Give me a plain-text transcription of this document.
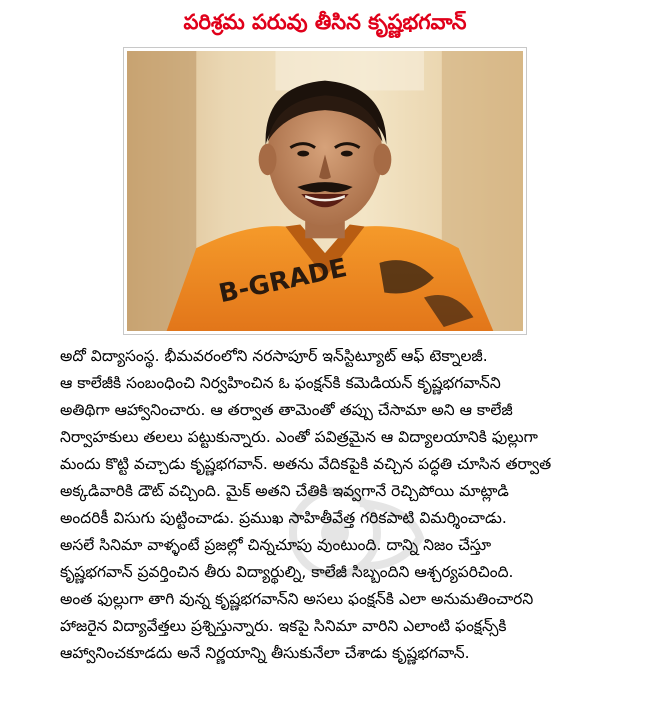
పరిశ్రమ పరువు తీసిన కృష్ణభగవాన్
B-GRADE
అదో విద్యాసంస్థ. భీమవరంలోని నరసాపూర్ ఇన్‌స్టిట్యూట్ ఆఫ్ టెక్నాలజీ.
ఆ కాలేజీకి సంబంధించి నిర్వహించిన ఓ ఫంక్షన్‌కి కమెడియన్ కృష్ణభగవాన్‌ని
అతిథిగా ఆహ్వానించారు. ఆ తర్వాత తామెంతో తప్పు చేసామా అని ఆ కాలేజీ
నిర్వాహకులు తలలు పట్టుకున్నారు. ఎంతో పవిత్రమైన ఆ విద్యాలయానికి ఫుల్లుగా
మందు కొట్టి వచ్చాడు కృష్ణభగవాన్. అతను వేదికపైకి వచ్చిన పద్ధతి చూసిన తర్వాత
అక్కడివారికి డౌట్ వచ్చింది. మైక్ అతని చేతికి ఇవ్వగానే రెచ్చిపోయి మాట్లాడి
అందరికీ విసుగు పుట్టించాడు. ప్రముఖ సాహితీవేత్త గరికపాటి విమర్శించాడు.
అసలే సినిమా వాళ్ళంటే ప్రజల్లో చిన్నచూపు వుంటుంది. దాన్ని నిజం చేస్తూ
కృష్ణభగవాన్ ప్రవర్తించిన తీరు విద్యార్థుల్ని, కాలేజీ సిబ్బందిని ఆశ్చర్యపరిచింది.
అంత ఫుల్లుగా తాగి వున్న కృష్ణభగవాన్‌ని అసలు ఫంక్షన్‌కి ఎలా అనుమతించారని
హాజరైన విద్యావేత్తలు ప్రశ్నిస్తున్నారు. ఇకపై సినిమా వారిని ఎలాంటి ఫంక్షన్స్‌కి
ఆహ్వానించకూడదు అనే నిర్ణయాన్ని తీసుకునేలా చేశాడు కృష్ణభగవాన్.
